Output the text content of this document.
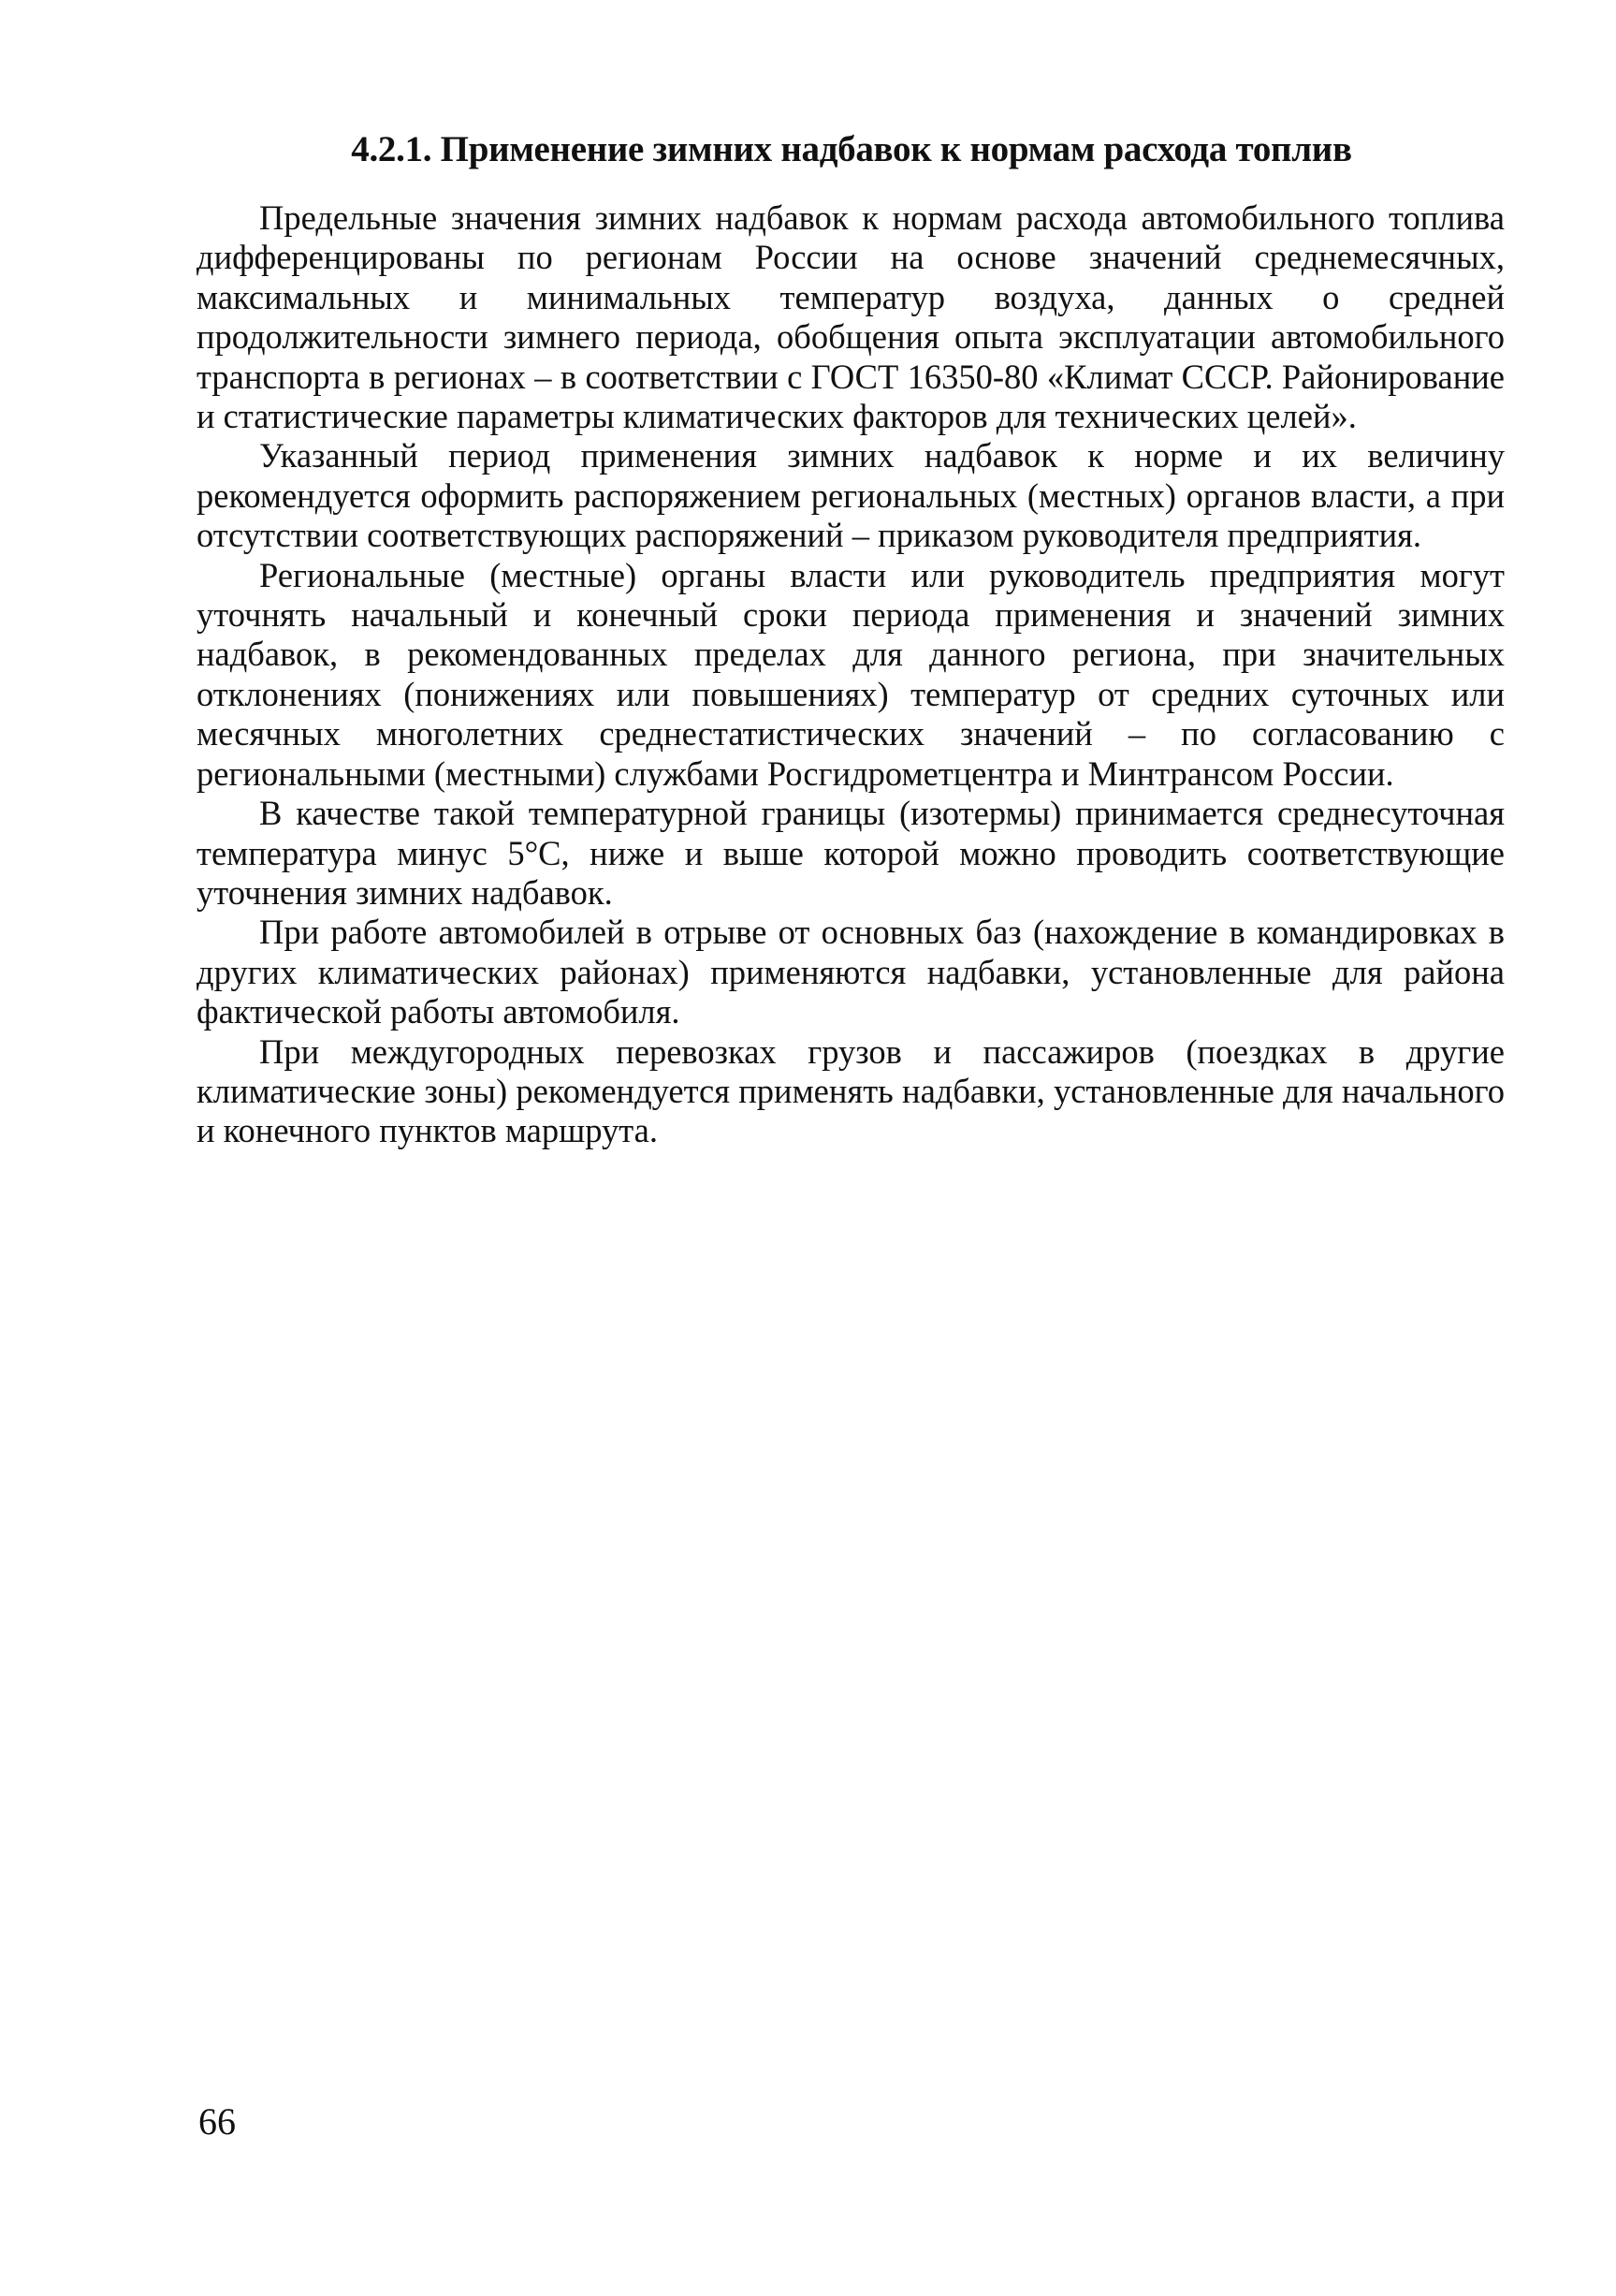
4.2.1. Применение зимних надбавок к нормам расхода топлив

Предельные значения зимних надбавок к нормам расхода автомобильного топлива дифференцированы по регионам России на основе значений среднемесячных, максимальных и минимальных температур воздуха, данных о средней продолжительности зимнего периода, обобщения опыта эксплуатации автомобильного транспорта в регионах – в соответствии с ГОСТ 16350-80 «Климат СССР. Районирование и статистические параметры климатических факторов для технических целей».

Указанный период применения зимних надбавок к норме и их величину рекомендуется оформить распоряжением региональных (местных) органов власти, а при отсутствии соответствующих распоряжений – приказом руководителя предприятия.

Региональные (местные) органы власти или руководитель предприятия могут уточнять начальный и конечный сроки периода применения и значений зимних надбавок, в рекомендованных пределах для данного региона, при значительных отклонениях (понижениях или повышениях) температур от средних суточных или месячных многолетних среднестатистических значений – по согласованию с региональными (местными) службами Росгидрометцентра и Минтрансом России.

В качестве такой температурной границы (изотермы) принимается среднесуточная температура минус 5°С, ниже и выше которой можно проводить соответствующие уточнения зимних надбавок.

При работе автомобилей в отрыве от основных баз (нахождение в командировках в других климатических районах) применяются надбавки, установленные для района фактической работы автомобиля.

При междугородных перевозках грузов и пассажиров (поездках в другие климатические зоны) рекомендуется применять надбавки, установленные для начального и конечного пунктов маршрута.

66
